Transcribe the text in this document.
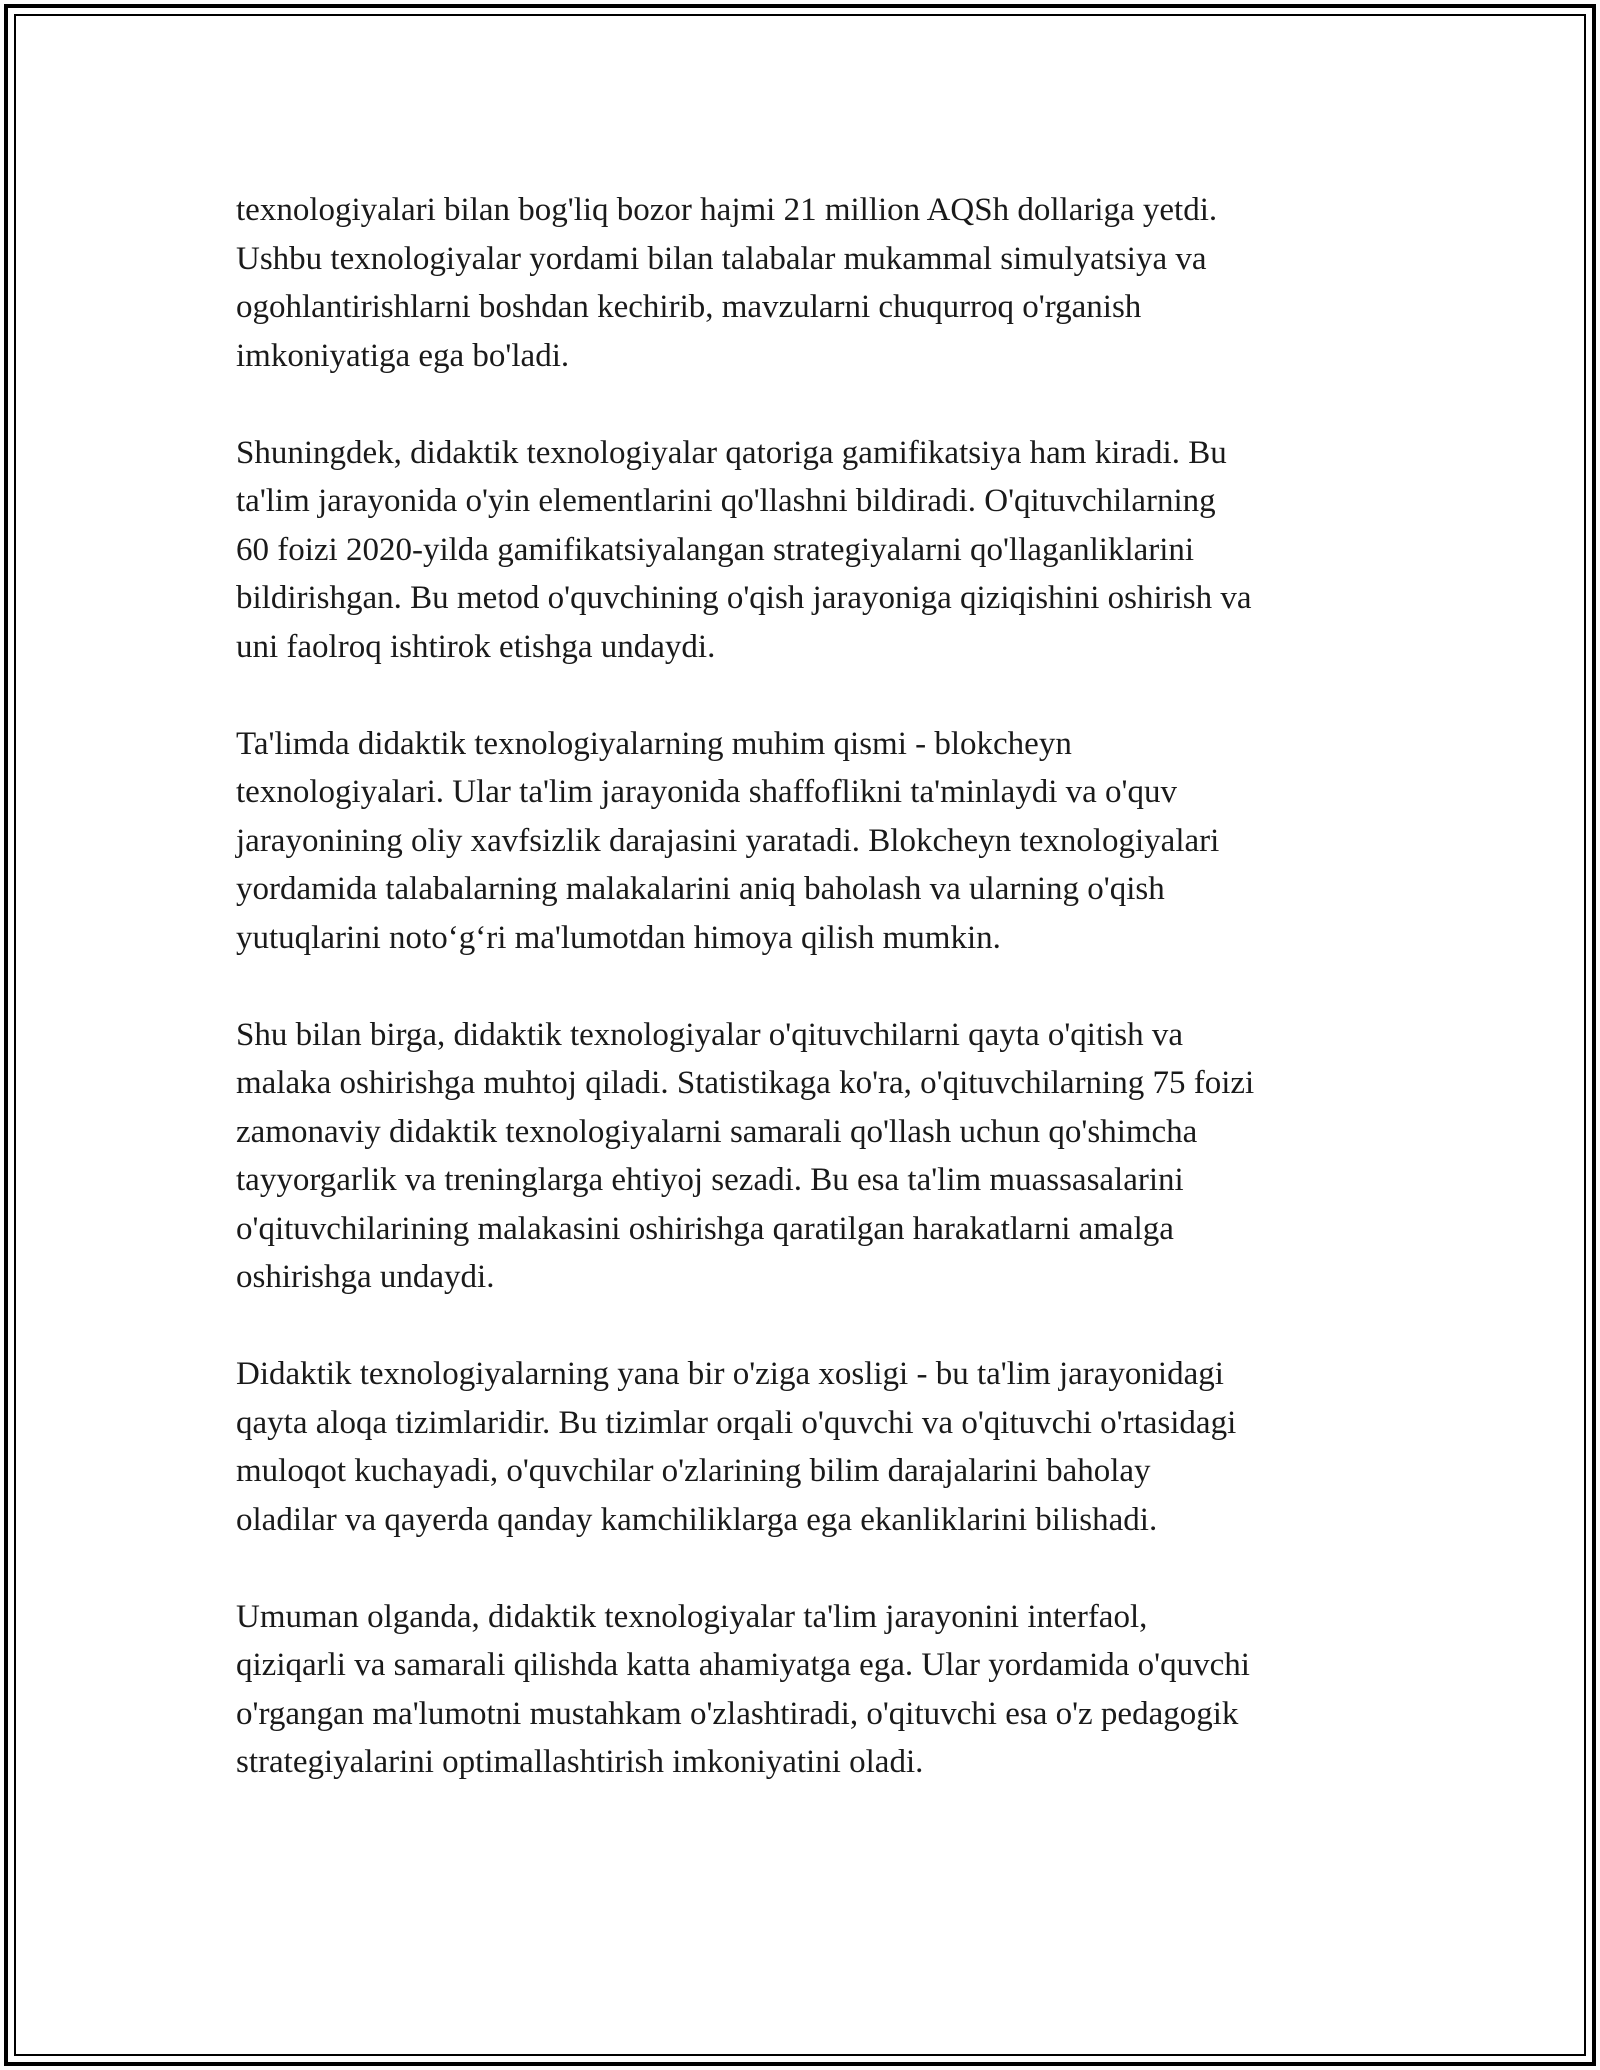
texnologiyalari bilan bog'liq bozor hajmi 21 million AQSh dollariga yetdi.
Ushbu texnologiyalar yordami bilan talabalar mukammal simulyatsiya va
ogohlantirishlarni boshdan kechirib, mavzularni chuqurroq o'rganish
imkoniyatiga ega bo'ladi.
Shuningdek, didaktik texnologiyalar qatoriga gamifikatsiya ham kiradi. Bu
ta'lim jarayonida o'yin elementlarini qo'llashni bildiradi. O'qituvchilarning
60 foizi 2020-yilda gamifikatsiyalangan strategiyalarni qo'llaganliklarini
bildirishgan. Bu metod o'quvchining o'qish jarayoniga qiziqishini oshirish va
uni faolroq ishtirok etishga undaydi.
Ta'limda didaktik texnologiyalarning muhim qismi - blokcheyn
texnologiyalari. Ular ta'lim jarayonida shaffoflikni ta'minlaydi va o'quv
jarayonining oliy xavfsizlik darajasini yaratadi. Blokcheyn texnologiyalari
yordamida talabalarning malakalarini aniq baholash va ularning o'qish
yutuqlarini noto‘g‘ri ma'lumotdan himoya qilish mumkin.
Shu bilan birga, didaktik texnologiyalar o'qituvchilarni qayta o'qitish va
malaka oshirishga muhtoj qiladi. Statistikaga ko'ra, o'qituvchilarning 75 foizi
zamonaviy didaktik texnologiyalarni samarali qo'llash uchun qo'shimcha
tayyorgarlik va treninglarga ehtiyoj sezadi. Bu esa ta'lim muassasalarini
o'qituvchilarining malakasini oshirishga qaratilgan harakatlarni amalga
oshirishga undaydi.
Didaktik texnologiyalarning yana bir o'ziga xosligi - bu ta'lim jarayonidagi
qayta aloqa tizimlaridir. Bu tizimlar orqali o'quvchi va o'qituvchi o'rtasidagi
muloqot kuchayadi, o'quvchilar o'zlarining bilim darajalarini baholay
oladilar va qayerda qanday kamchiliklarga ega ekanliklarini bilishadi.
Umuman olganda, didaktik texnologiyalar ta'lim jarayonini interfaol,
qiziqarli va samarali qilishda katta ahamiyatga ega. Ular yordamida o'quvchi
o'rgangan ma'lumotni mustahkam o'zlashtiradi, o'qituvchi esa o'z pedagogik
strategiyalarini optimallashtirish imkoniyatini oladi.
